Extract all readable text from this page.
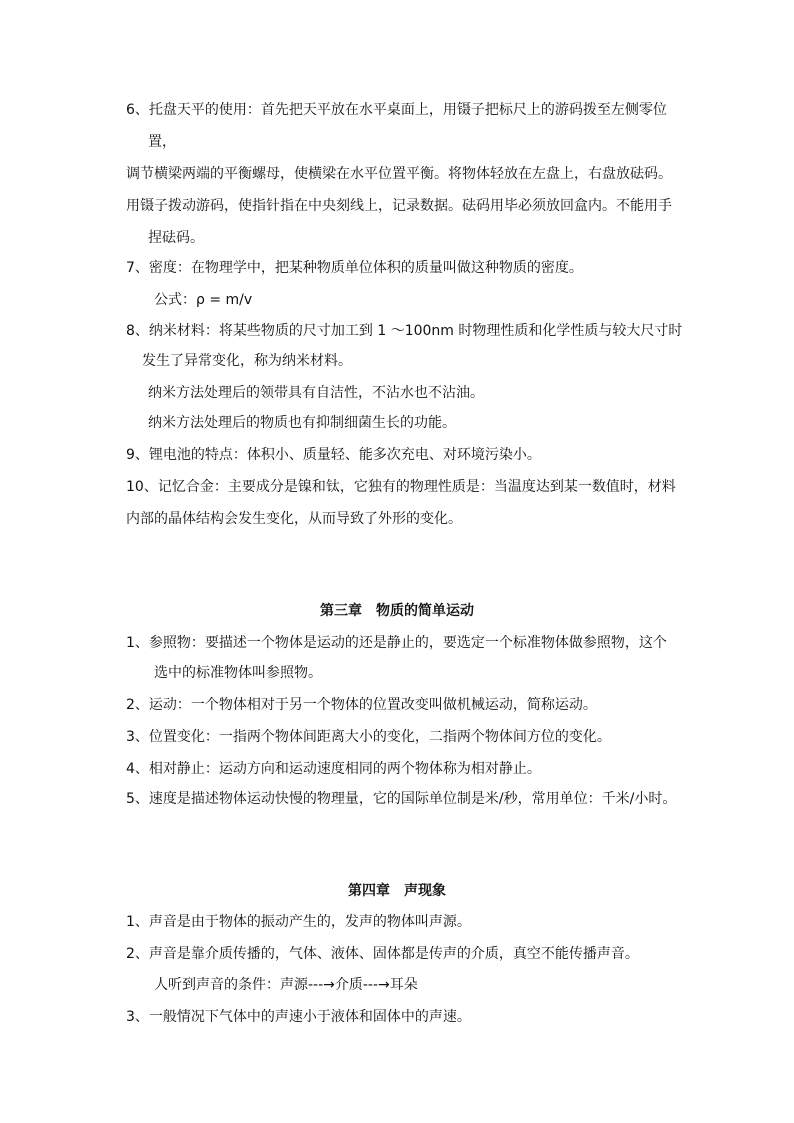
6、托盘天平的使用：首先把天平放在水平桌面上，用镊子把标尺上的游码拨至左侧零位
置，
调节横梁两端的平衡螺母，使横梁在水平位置平衡。将物体轻放在左盘上，右盘放砝码。
用镊子拨动游码，使指针指在中央刻线上，记录数据。砝码用毕必须放回盒内。不能用手
捏砝码。
7、密度：在物理学中，把某种物质单位体积的质量叫做这种物质的密度。
公式：ρ = m/v
8、纳米材料：将某些物质的尺寸加工到 1 ～100nm 时物理性质和化学性质与较大尺寸时
发生了异常变化，称为纳米材料。
纳米方法处理后的领带具有自洁性，不沾水也不沾油。
纳米方法处理后的物质也有抑制细菌生长的功能。
9、锂电池的特点：体积小、质量轻、能多次充电、对环境污染小。
10、记忆合金：主要成分是镍和钛，它独有的物理性质是：当温度达到某一数值时，材料
内部的晶体结构会发生变化，从而导致了外形的变化。
第三章　物质的简单运动
1、参照物：要描述一个物体是运动的还是静止的，要选定一个标准物体做参照物，这个
选中的标准物体叫参照物。
2、运动：一个物体相对于另一个物体的位置改变叫做机械运动，简称运动。
3、位置变化：一指两个物体间距离大小的变化，二指两个物体间方位的变化。
4、相对静止：运动方向和运动速度相同的两个物体称为相对静止。
5、速度是描述物体运动快慢的物理量，它的国际单位制是米/秒，常用单位：千米/小时。
第四章　声现象
1、声音是由于物体的振动产生的，发声的物体叫声源。
2、声音是靠介质传播的，气体、液体、固体都是传声的介质，真空不能传播声音。
人听到声音的条件：声源---→介质---→耳朵
3、一般情况下气体中的声速小于液体和固体中的声速。
